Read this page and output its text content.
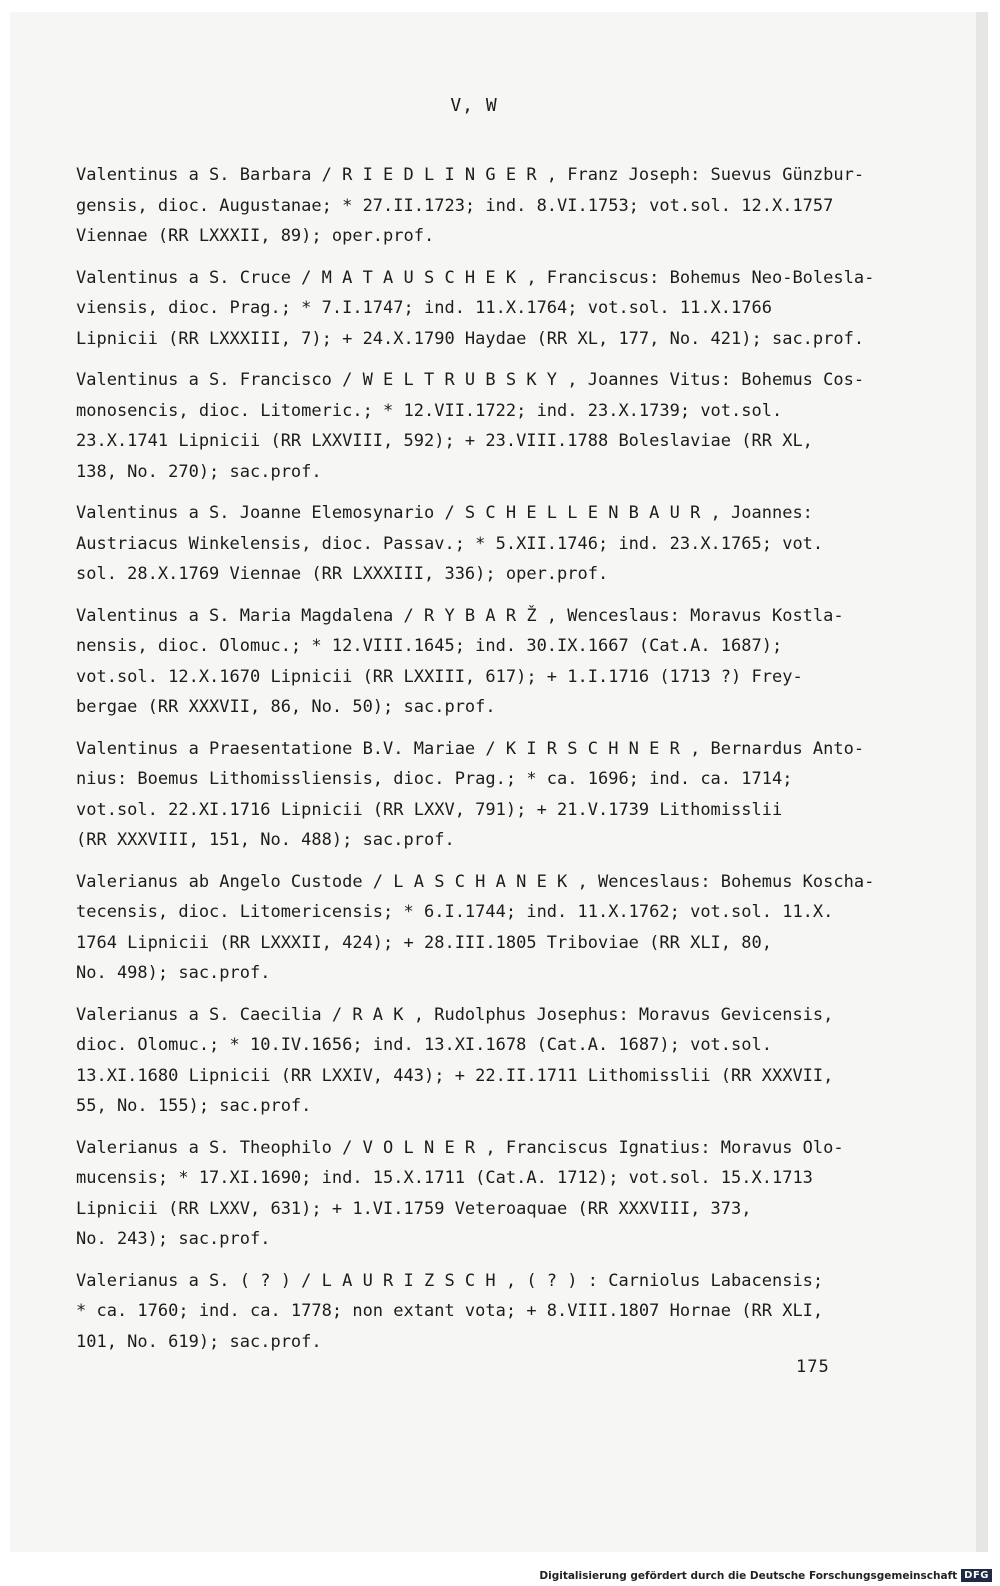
V, W
Valentinus a S. Barbara / R I E D L I N G E R , Franz Joseph: Suevus Günzbur-
gensis, dioc. Augustanae; * 27.II.1723; ind. 8.VI.1753; vot.sol. 12.X.1757
Viennae (RR LXXXII, 89); oper.prof.
Valentinus a S. Cruce / M A T A U S C H E K , Franciscus: Bohemus Neo-Bolesla-
viensis, dioc. Prag.; * 7.I.1747; ind. 11.X.1764; vot.sol. 11.X.1766
Lipnicii (RR LXXXIII, 7); + 24.X.1790 Haydae (RR XL, 177, No. 421); sac.prof.
Valentinus a S. Francisco / W E L T R U B S K Y , Joannes Vitus: Bohemus Cos-
monosencis, dioc. Litomeric.; * 12.VII.1722; ind. 23.X.1739; vot.sol.
23.X.1741 Lipnicii (RR LXXVIII, 592); + 23.VIII.1788 Boleslaviae (RR XL,
138, No. 270); sac.prof.
Valentinus a S. Joanne Elemosynario / S C H E L L E N B A U R , Joannes:
Austriacus Winkelensis, dioc. Passav.; * 5.XII.1746; ind. 23.X.1765; vot.
sol. 28.X.1769 Viennae (RR LXXXIII, 336); oper.prof.
Valentinus a S. Maria Magdalena / R Y B A R Ž , Wenceslaus: Moravus Kostla-
nensis, dioc. Olomuc.; * 12.VIII.1645; ind. 30.IX.1667 (Cat.A. 1687);
vot.sol. 12.X.1670 Lipnicii (RR LXXIII, 617); + 1.I.1716 (1713 ?) Frey-
bergae (RR XXXVII, 86, No. 50); sac.prof.
Valentinus a Praesentatione B.V. Mariae / K I R S C H N E R , Bernardus Anto-
nius: Boemus Lithomissliensis, dioc. Prag.; * ca. 1696; ind. ca. 1714;
vot.sol. 22.XI.1716 Lipnicii (RR LXXV, 791); + 21.V.1739 Lithomisslii
(RR XXXVIII, 151, No. 488); sac.prof.
Valerianus ab Angelo Custode / L A S C H A N E K , Wenceslaus: Bohemus Koscha-
tecensis, dioc. Litomericensis; * 6.I.1744; ind. 11.X.1762; vot.sol. 11.X.
1764 Lipnicii (RR LXXXII, 424); + 28.III.1805 Triboviae (RR XLI, 80,
No. 498); sac.prof.
Valerianus a S. Caecilia / R A K , Rudolphus Josephus: Moravus Gevicensis,
dioc. Olomuc.; * 10.IV.1656; ind. 13.XI.1678 (Cat.A. 1687); vot.sol.
13.XI.1680 Lipnicii (RR LXXIV, 443); + 22.II.1711 Lithomisslii (RR XXXVII,
55, No. 155); sac.prof.
Valerianus a S. Theophilo / V O L N E R , Franciscus Ignatius: Moravus Olo-
mucensis; * 17.XI.1690; ind. 15.X.1711 (Cat.A. 1712); vot.sol. 15.X.1713
Lipnicii (RR LXXV, 631); + 1.VI.1759 Veteroaquae (RR XXXVIII, 373,
No. 243); sac.prof.
Valerianus a S. ( ? ) / L A U R I Z S C H , ( ? ) : Carniolus Labacensis;
* ca. 1760; ind. ca. 1778; non extant vota; + 8.VIII.1807 Hornae (RR XLI,
101, No. 619); sac.prof.
175
Digitalisierung gefördert durch die Deutsche Forschungsgemeinschaft DFG
